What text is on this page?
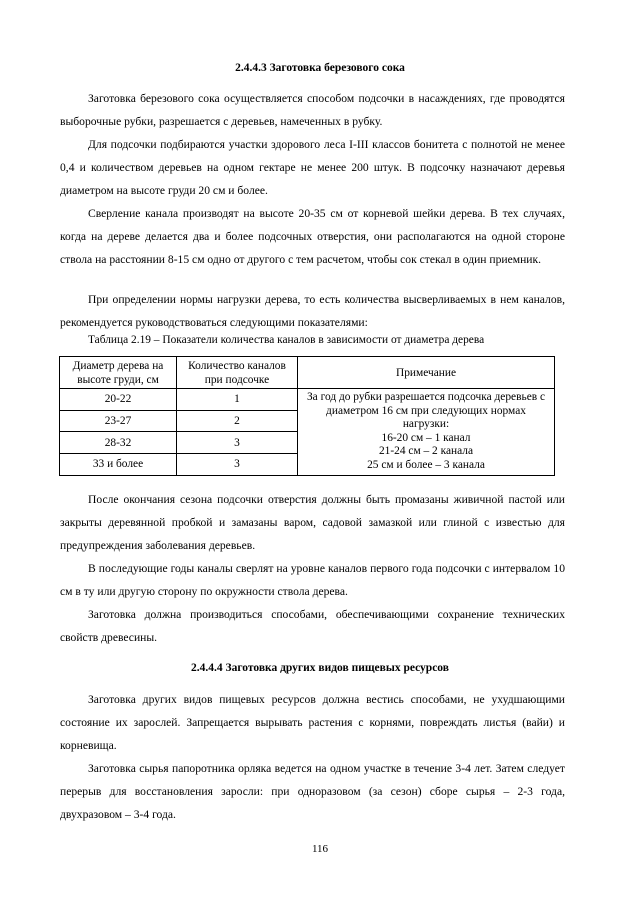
2.4.4.3 Заготовка березового сока

Заготовка березового сока осуществляется способом подсочки в насаждениях, где проводятся выборочные рубки, разрешается с деревьев, намеченных в рубку.

Для подсочки подбираются участки здорового леса I-III классов бонитета с полнотой не менее 0,4 и количеством деревьев на одном гектаре не менее 200 штук. В подсочку назначают деревья диаметром на высоте груди 20 см и более.

Сверление канала производят на высоте 20-35 см от корневой шейки дерева. В тех случаях, когда на дереве делается два и более подсочных отверстия, они располагаются на одной стороне ствола на расстоянии 8-15 см одно от другого с тем расчетом, чтобы сок стекал в один приемник.

При определении нормы нагрузки дерева, то есть количества высверливаемых в нем каналов, рекомендуется руководствоваться следующими показателями:

Таблица 2.19 – Показатели количества каналов в зависимости от диаметра дерева
Диаметр дерева на высоте груди, см	Количество каналов при подсочке	Примечание
20-22	1	За год до рубки разрешается подсочка деревьев с диаметром 16 см при следующих нормах нагрузки:
16-20 см – 1 канал
21-24 см – 2 канала
25 см и более – 3 канала

23-27	2	
28-32	3	
33 и более	3	

После окончания сезона подсочки отверстия должны быть промазаны живичной пастой или закрыты деревянной пробкой и замазаны варом, садовой замазкой или глиной с известью для предупреждения заболевания деревьев.

В последующие годы каналы сверлят на уровне каналов первого года подсочки с интервалом 10 см в ту или другую сторону по окружности ствола дерева.

Заготовка должна производиться способами, обеспечивающими сохранение технических свойств древесины.

2.4.4.4 Заготовка других видов пищевых ресурсов

Заготовка других видов пищевых ресурсов должна вестись способами, не ухудшающими состояние их зарослей. Запрещается вырывать растения с корнями, повреждать листья (вайи) и корневища.

Заготовка сырья папоротника орляка ведется на одном участке в течение 3-4 лет. Затем следует перерыв для восстановления заросли: при одноразовом (за сезон) сборе сырья – 2-3 года, двухразовом – 3-4 года.

116
